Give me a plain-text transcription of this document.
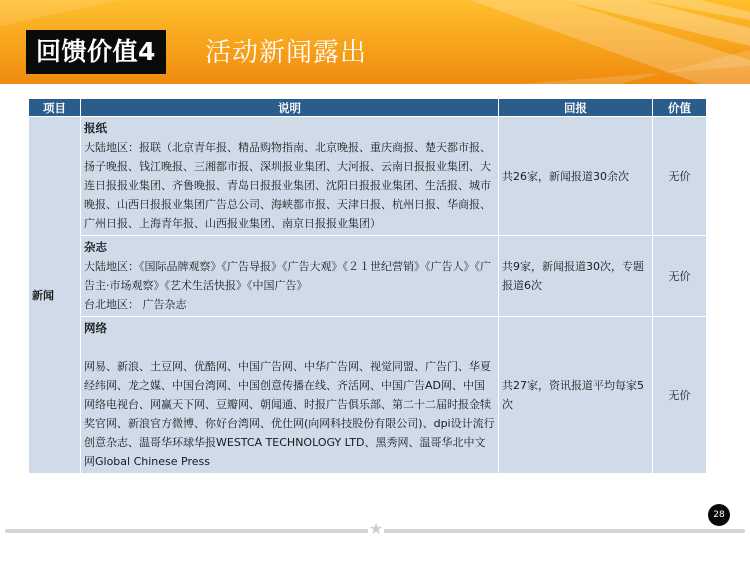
回馈价值4	活动新闻露出
项目	说明	回报	价值
新闻	报纸
大陆地区：报联（北京青年报、精品购物指南、北京晚报、重庆商报、楚天都市报、扬子晚报、钱江晚报、三湘都市报、深圳报业集团、大河报、云南日报报业集团、大连日报报业集团、齐鲁晚报、青岛日报报业集团、沈阳日报报业集团、生活报、城市晚报、山西日报报业集团广告总公司、海峡都市报、天津日报、杭州日报、华商报、广州日报、上海青年报、山西报业集团、南京日报报业集团）	共26家，新闻报道30余次	无价

	杂志
大陆地区：《国际品牌观察》《广告导报》《广告大观》《２１世纪营销》《广告人》《广告主·市场观察》《艺术生活快报》《中国广告》
台北地区： 广告杂志	共9家，新闻报道30次，专题报道6次	无价

	网络
网易、新浪、土豆网、优酷网、中国广告网、中华广告网、视觉同盟、广告门、华夏经纬网、龙之媒、中国台湾网、中国创意传播在线、齐活网、中国广告AD网、中国网络电视台、网赢天下网、豆瓣网、朝闻通、时报广告俱乐部、第二十二届时报金犊奖官网、新浪官方微博、你好台湾网、优仕网(向网科技股份有限公司)、dpi设计流行创意杂志、温哥华环球华报WESTCA TECHNOLOGY LTD、黑秀网、温哥华北中文网Global Chinese Press	共27家，资讯报道平均每家5次	无价
★
28
